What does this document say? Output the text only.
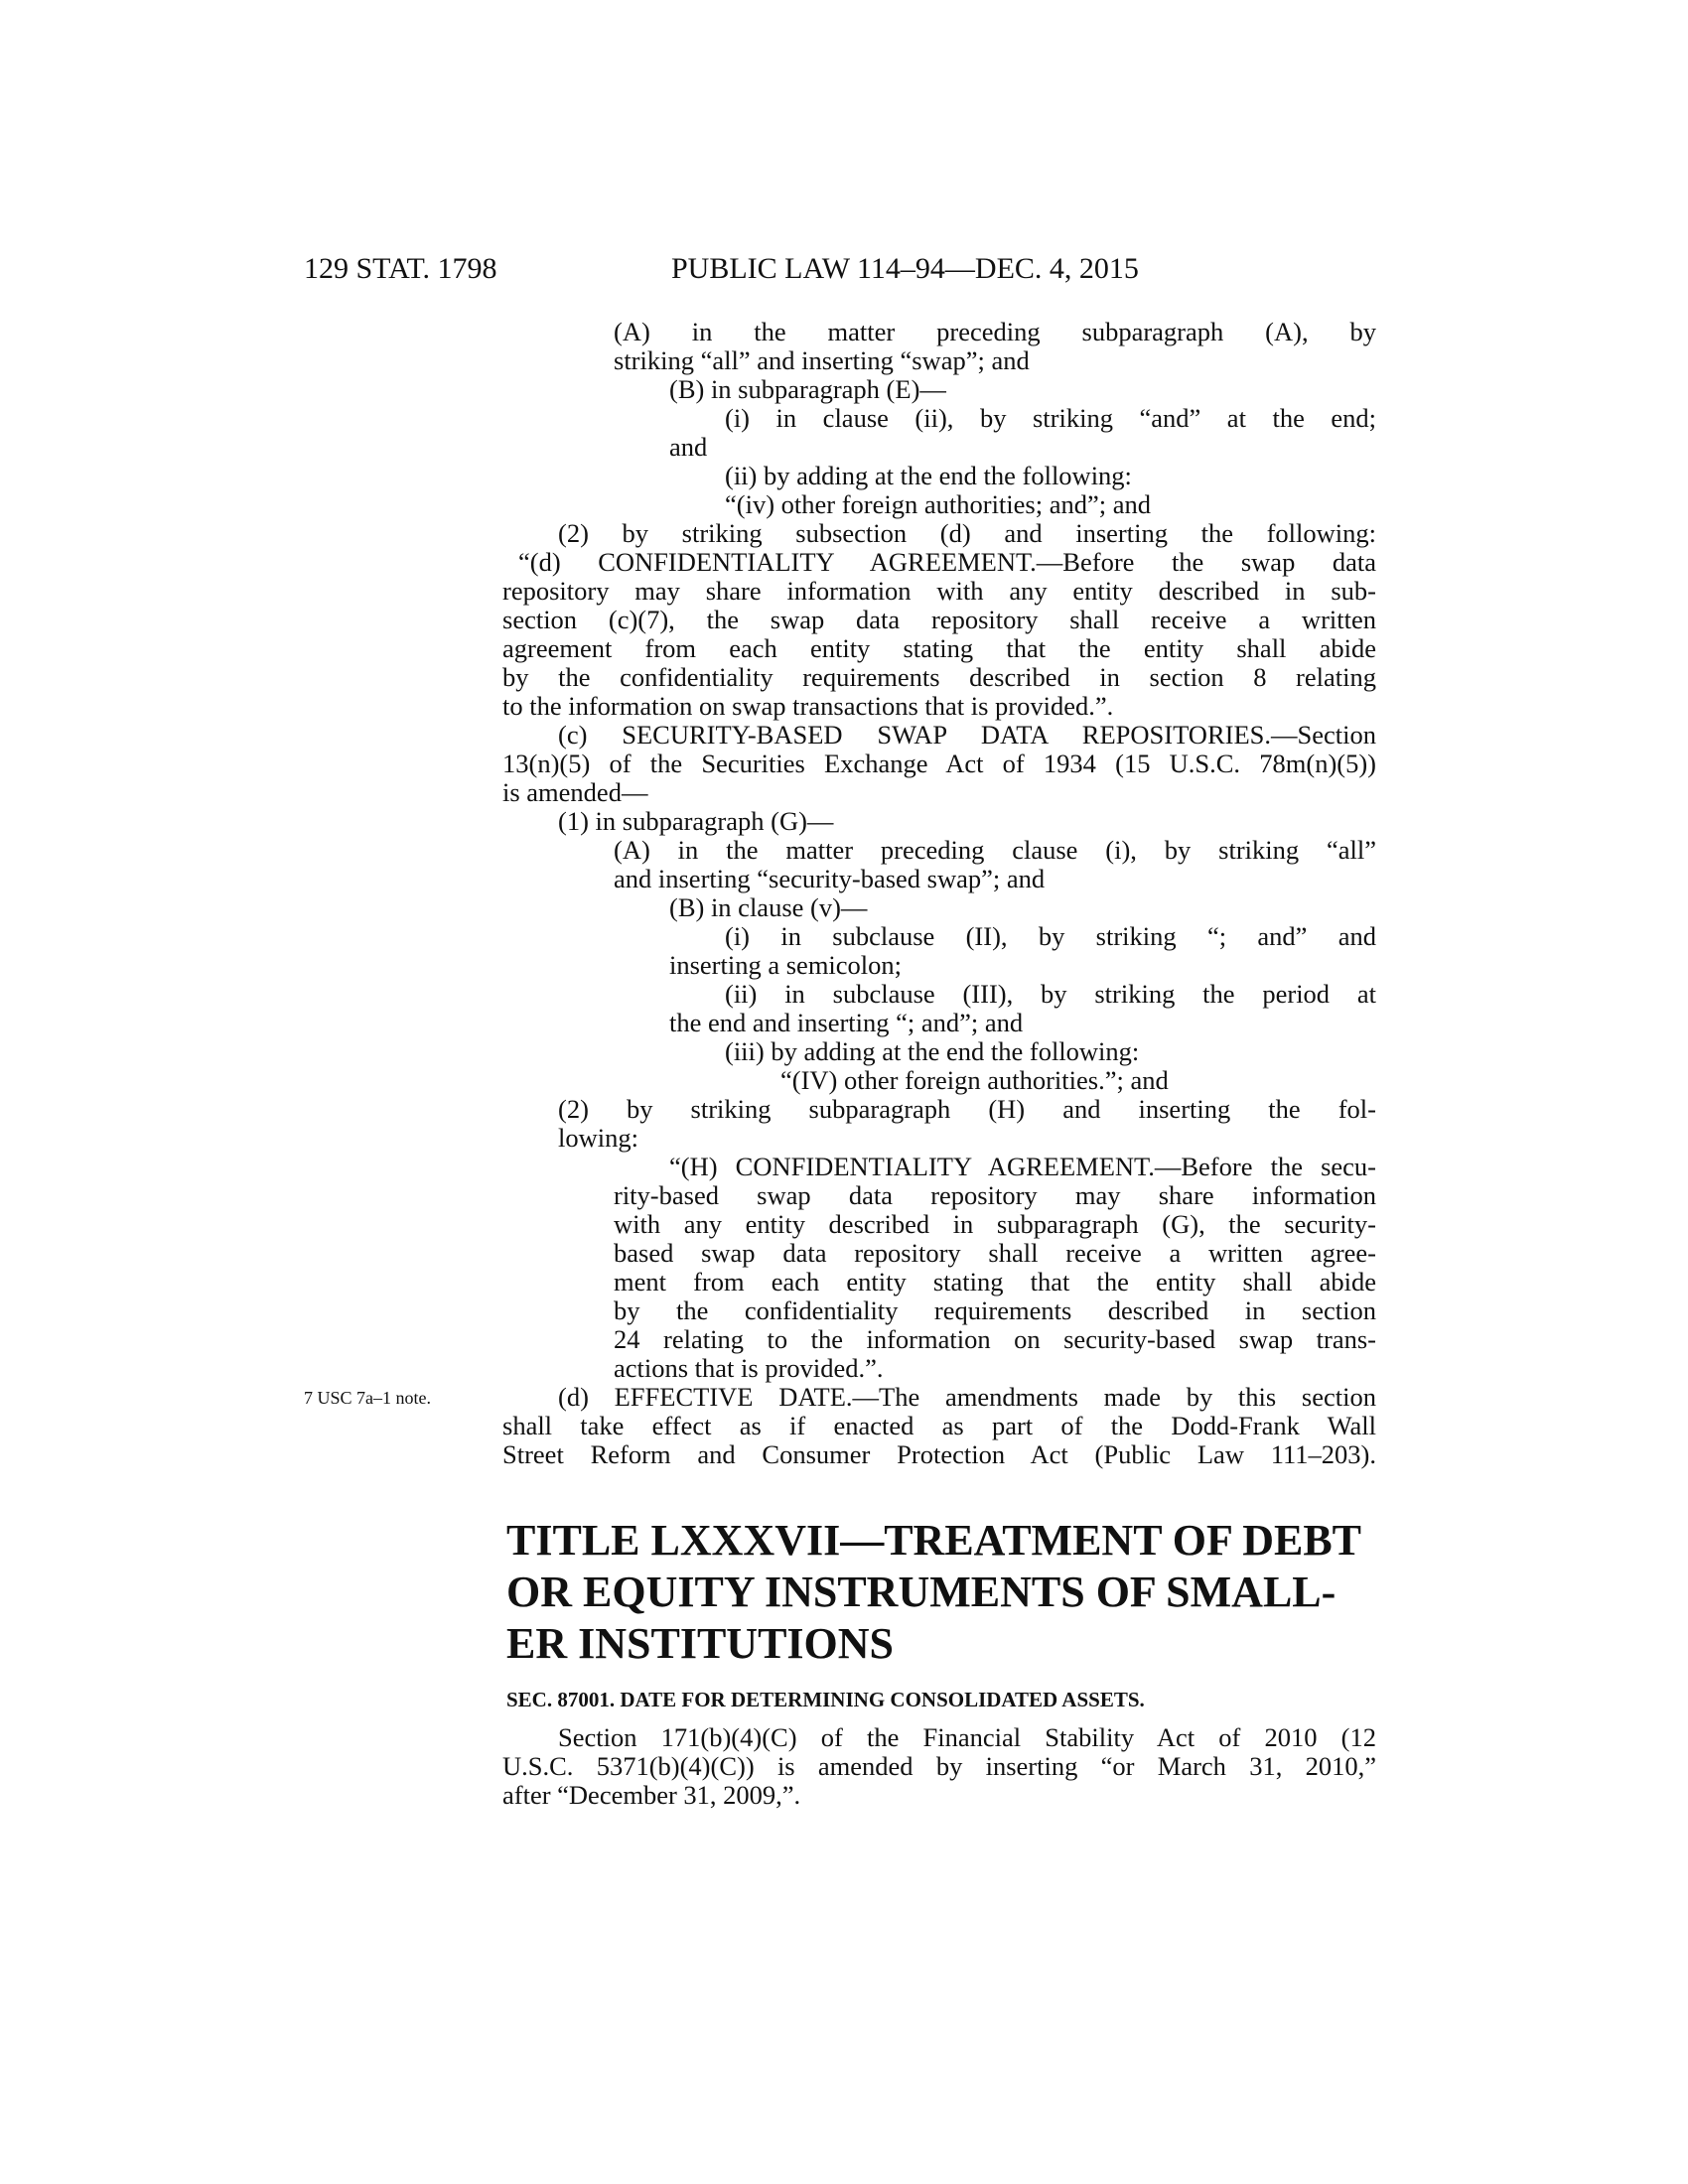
129 STAT. 1798	PUBLIC LAW 114–94—DEC. 4, 2015
(A) in the matter preceding subparagraph (A), by
striking “all” and inserting “swap”; and
(B) in subparagraph (E)—
(i) in clause (ii), by striking “and” at the end;
and
(ii) by adding at the end the following:
“(iv) other foreign authorities; and”; and
(2) by striking subsection (d) and inserting the following:
“(d) CONFIDENTIALITY AGREEMENT.—Before the swap data
repository may share information with any entity described in sub-
section (c)(7), the swap data repository shall receive a written
agreement from each entity stating that the entity shall abide
by the confidentiality requirements described in section 8 relating
to the information on swap transactions that is provided.”.
(c) SECURITY-BASED SWAP DATA REPOSITORIES.—Section
13(n)(5) of the Securities Exchange Act of 1934 (15 U.S.C. 78m(n)(5))
is amended—
(1) in subparagraph (G)—
(A) in the matter preceding clause (i), by striking “all”
and inserting “security-based swap”; and
(B) in clause (v)—
(i) in subclause (II), by striking “; and” and
inserting a semicolon;
(ii) in subclause (III), by striking the period at
the end and inserting “; and”; and
(iii) by adding at the end the following:
“(IV) other foreign authorities.”; and
(2) by striking subparagraph (H) and inserting the fol-
lowing:
“(H) CONFIDENTIALITY AGREEMENT.—Before the secu-
rity-based swap data repository may share information
with any entity described in subparagraph (G), the security-
based swap data repository shall receive a written agree-
ment from each entity stating that the entity shall abide
by the confidentiality requirements described in section
24 relating to the information on security-based swap trans-
actions that is provided.”.
(d) EFFECTIVE DATE.—The amendments made by this section
shall take effect as if enacted as part of the Dodd-Frank Wall
Street Reform and Consumer Protection Act (Public Law 111–203).
7 USC 7a–1 note.
TITLE LXXXVII—TREATMENT OF DEBT
OR EQUITY INSTRUMENTS OF SMALL-
ER INSTITUTIONS
SEC. 87001. DATE FOR DETERMINING CONSOLIDATED ASSETS.
Section 171(b)(4)(C) of the Financial Stability Act of 2010 (12
U.S.C. 5371(b)(4)(C)) is amended by inserting “or March 31, 2010,”
after “December 31, 2009,”.
